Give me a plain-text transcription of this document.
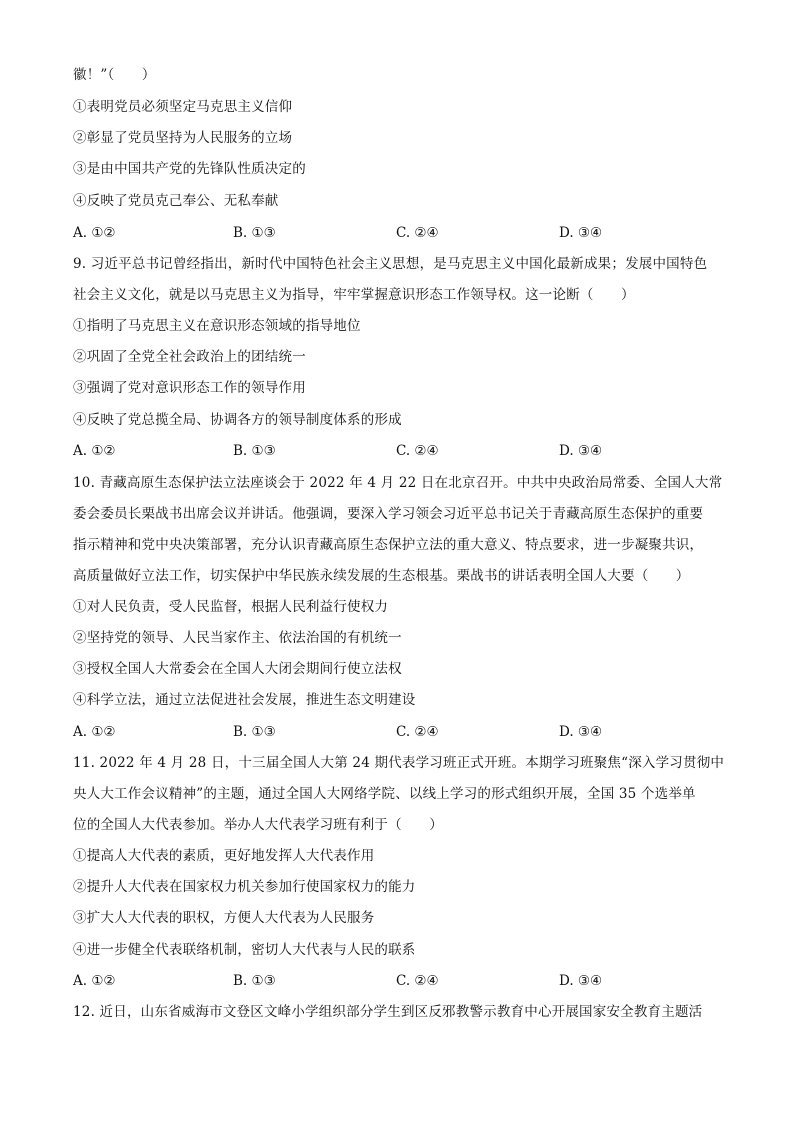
徽！”（　　）
①表明党员必须坚定马克思主义信仰
②彰显了党员坚持为人民服务的立场
③是由中国共产党的先锋队性质决定的
④反映了党员克己奉公、无私奉献
A. ①②	B. ①③	C. ②④	D. ③④
9. 习近平总书记曾经指出，新时代中国特色社会主义思想，是马克思主义中国化最新成果；发展中国特色
社会主义文化，就是以马克思主义为指导，牢牢掌握意识形态工作领导权。这一论断（　　）
①指明了马克思主义在意识形态领域的指导地位
②巩固了全党全社会政治上的团结统一
③强调了党对意识形态工作的领导作用
④反映了党总揽全局、协调各方的领导制度体系的形成
A. ①②	B. ①③	C. ②④	D. ③④
10. 青藏高原生态保护法立法座谈会于 2022 年 4 月 22 日在北京召开。中共中央政治局常委、全国人大常
委会委员长栗战书出席会议并讲话。他强调，要深入学习领会习近平总书记关于青藏高原生态保护的重要
指示精神和党中央决策部署，充分认识青藏高原生态保护立法的重大意义、特点要求，进一步凝聚共识，
高质量做好立法工作，切实保护中华民族永续发展的生态根基。栗战书的讲话表明全国人大要（　　）
①对人民负责，受人民监督，根据人民利益行使权力
②坚持党的领导、人民当家作主、依法治国的有机统一
③授权全国人大常委会在全国人大闭会期间行使立法权
④科学立法，通过立法促进社会发展，推进生态文明建设
A. ①②	B. ①③	C. ②④	D. ③④
11. 2022 年 4 月 28 日，十三届全国人大第 24 期代表学习班正式开班。本期学习班聚焦“深入学习贯彻中
央人大工作会议精神”的主题，通过全国人大网络学院、以线上学习的形式组织开展，全国 35 个选举单
位的全国人大代表参加。举办人大代表学习班有利于（　　）
①提高人大代表的素质，更好地发挥人大代表作用
②提升人大代表在国家权力机关参加行使国家权力的能力
③扩大人大代表的职权，方便人大代表为人民服务
④进一步健全代表联络机制，密切人大代表与人民的联系
A. ①②	B. ①③	C. ②④	D. ③④
12. 近日，山东省威海市文登区文峰小学组织部分学生到区反邪教警示教育中心开展国家安全教育主题活
